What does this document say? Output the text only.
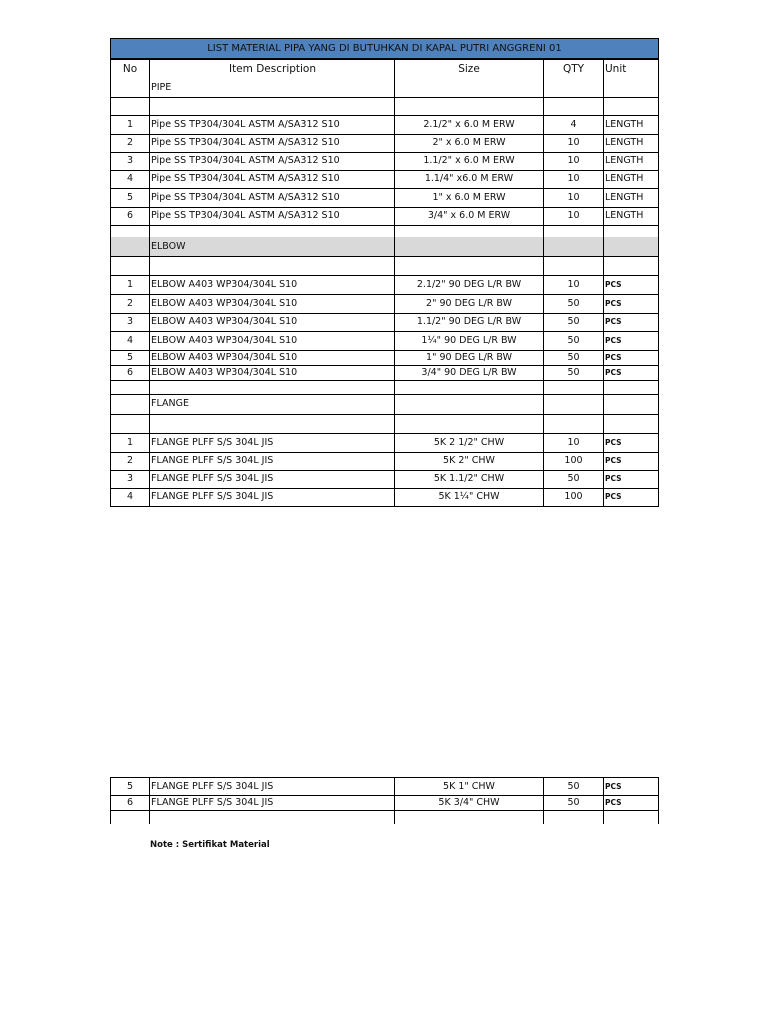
LIST MATERIAL PIPA YANG DI BUTUHKAN DI KAPAL PUTRI ANGGRENI 01
No	Item Description	Size	QTY	Unit
PIPE
1	Pipe SS TP304/304L ASTM A/SA312 S10	2.1/2" x 6.0 M ERW	4	LENGTH
2	Pipe SS TP304/304L ASTM A/SA312 S10	2" x 6.0 M ERW	10	LENGTH
3	Pipe SS TP304/304L ASTM A/SA312 S10	1.1/2" x 6.0 M ERW	10	LENGTH
4	Pipe SS TP304/304L ASTM A/SA312 S10	1.1/4" x6.0 M ERW	10	LENGTH
5	Pipe SS TP304/304L ASTM A/SA312 S10	1" x 6.0 M ERW	10	LENGTH
6	Pipe SS TP304/304L ASTM A/SA312 S10	3/4" x 6.0 M ERW	10	LENGTH
ELBOW
1	ELBOW A403 WP304/304L S10	2.1/2" 90 DEG L/R BW	10	PCS
2	ELBOW A403 WP304/304L S10	2" 90 DEG L/R BW	50	PCS
3	ELBOW A403 WP304/304L S10	1.1/2" 90 DEG L/R BW	50	PCS
4	ELBOW A403 WP304/304L S10	1¼" 90 DEG L/R BW	50	PCS
5	ELBOW A403 WP304/304L S10	1" 90 DEG L/R BW	50	PCS
6	ELBOW A403 WP304/304L S10	3/4" 90 DEG L/R BW	50	PCS
FLANGE
1	FLANGE PLFF S/S 304L JIS	5K 2 1/2" CHW	10	PCS
2	FLANGE PLFF S/S 304L JIS	5K 2" CHW	100	PCS
3	FLANGE PLFF S/S 304L JIS	5K 1.1/2" CHW	50	PCS
4	FLANGE PLFF S/S 304L JIS	5K 1¼" CHW	100	PCS
5	FLANGE PLFF S/S 304L JIS	5K 1" CHW	50	PCS
6	FLANGE PLFF S/S 304L JIS	5K 3/4" CHW	50	PCS
Note : Sertifikat Material
